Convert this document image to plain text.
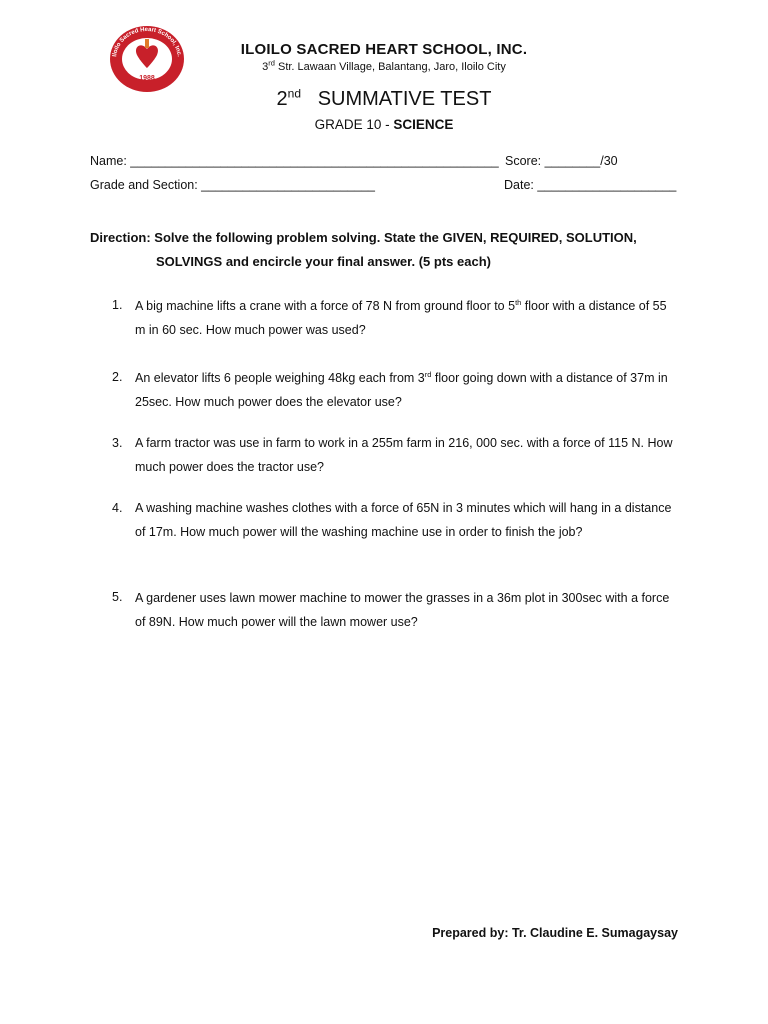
1988
Iloilo Sacred Heart School, Inc.	ILOILO SACRED HEART SCHOOL, INC.
3rd Str. Lawaan Village, Balantang, Jaro, Iloilo City
2nd SUMMATIVE TEST
GRADE 10 - SCIENCE
Name: _____________________________________________________ Score: ________/30
Grade and Section: _________________________	Date: ____________________
Direction: Solve the following problem solving. State the GIVEN, REQUIRED, SOLUTION,
SOLVINGS and encircle your final answer. (5 pts each)
1. A big machine lifts a crane with a force of 78 N from ground floor to 5th floor with a distance of 55 m in 60 sec. How much power was used?
2. An elevator lifts 6 people weighing 48kg each from 3rd floor going down with a distance of 37m in 25sec. How much power does the elevator use?
3. A farm tractor was use in farm to work in a 255m farm in 216, 000 sec. with a force of 115 N. How much power does the tractor use?
4. A washing machine washes clothes with a force of 65N in 3 minutes which will hang in a distance of 17m. How much power will the washing machine use in order to finish the job?
5. A gardener uses lawn mower machine to mower the grasses in a 36m plot in 300sec with a force of 89N. How much power will the lawn mower use?
Prepared by: Tr. Claudine E. Sumagaysay
